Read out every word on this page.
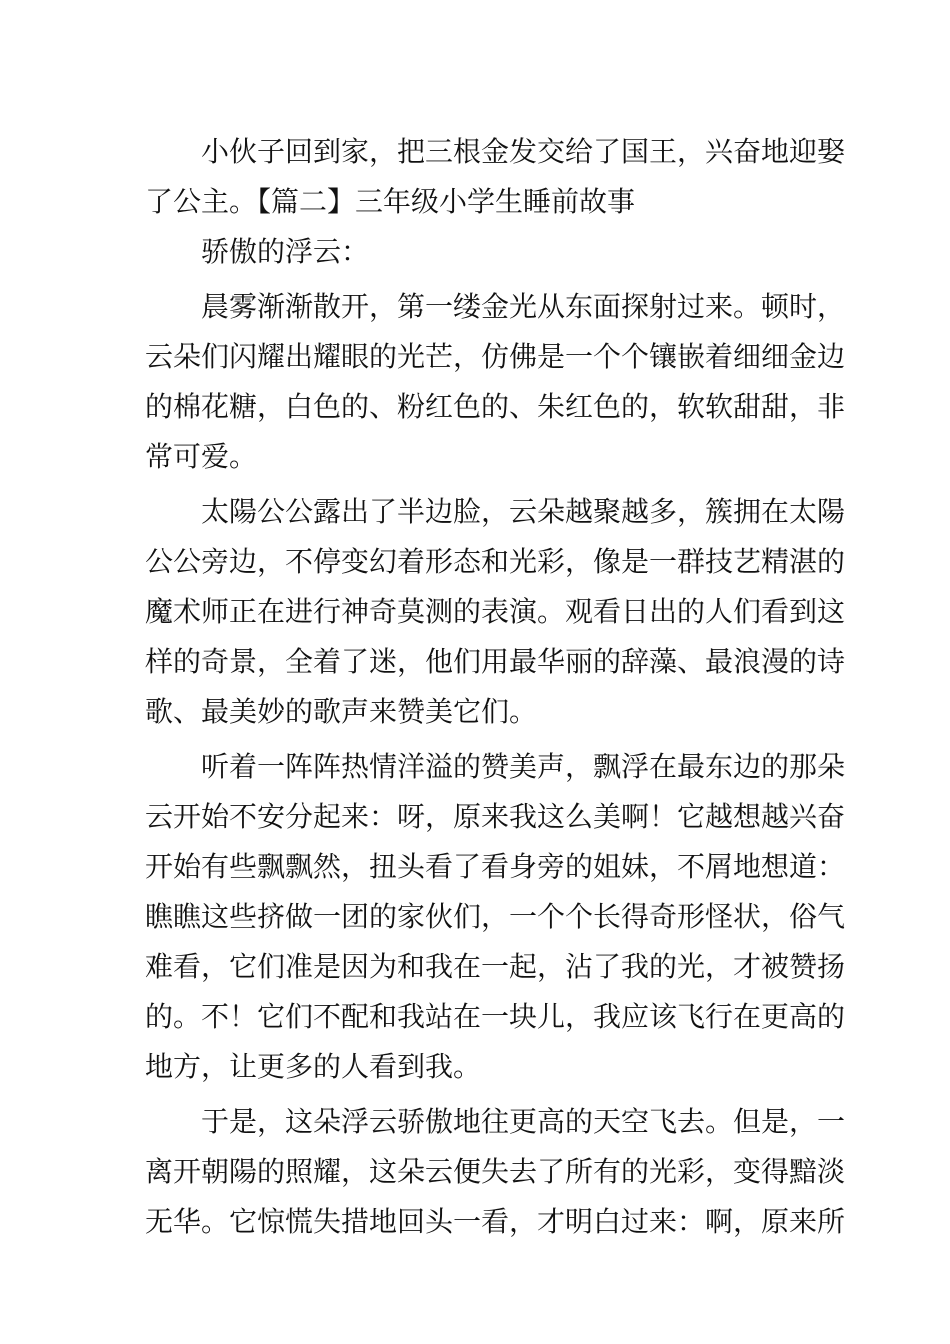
小伙子回到家，把三根金发交给了国王，兴奋地迎娶
了公主。【篇二】三年级小学生睡前故事
骄傲的浮云：
晨雾渐渐散开，第一缕金光从东面探射过来。顿时，
云朵们闪耀出耀眼的光芒，仿佛是一个个镶嵌着细细金边
的棉花糖，白色的、粉红色的、朱红色的，软软甜甜，非
常可爱。
太陽公公露出了半边脸，云朵越聚越多，簇拥在太陽
公公旁边，不停变幻着形态和光彩，像是一群技艺精湛的
魔术师正在进行神奇莫测的表演。观看日出的人们看到这
样的奇景，全着了迷，他们用最华丽的辞藻、最浪漫的诗
歌、最美妙的歌声来赞美它们。
听着一阵阵热情洋溢的赞美声，飘浮在最东边的那朵
云开始不安分起来：呀，原来我这么美啊！它越想越兴奋
开始有些飘飘然，扭头看了看身旁的姐妹，不屑地想道：
瞧瞧这些挤做一团的家伙们，一个个长得奇形怪状，俗气
难看，它们准是因为和我在一起，沾了我的光，才被赞扬
的。不！它们不配和我站在一块儿，我应该飞行在更高的
地方，让更多的人看到我。
于是，这朵浮云骄傲地往更高的天空飞去。但是，一
离开朝陽的照耀，这朵云便失去了所有的光彩，变得黯淡
无华。它惊慌失措地回头一看，才明白过来：啊，原来所
